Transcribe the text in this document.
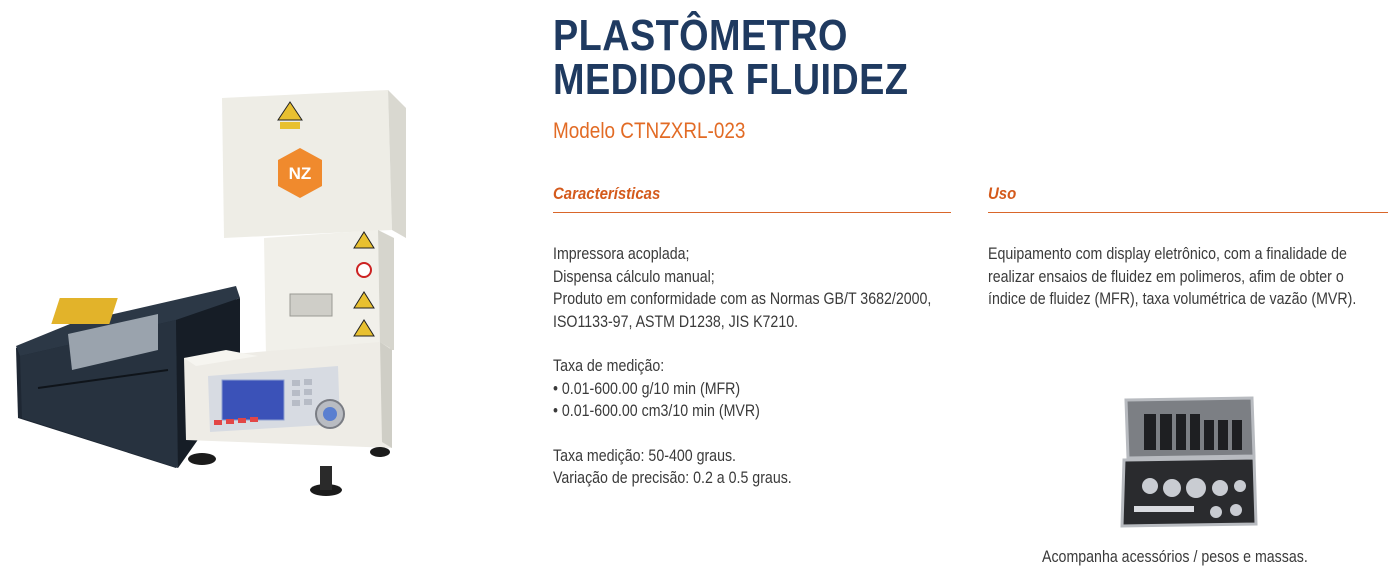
NZ
PLASTÔMETRO
MEDIDOR FLUIDEZ
Modelo CTNZXRL-023
Características

Impressora acoplada;

Dispensa cálculo manual;

Produto em conformidade com as Normas GB/T 3682/2000,

ISO1133-97, ASTM D1238, JIS K7210.

Taxa de medição:

• 0.01-600.00 g/10 min (MFR)

• 0.01-600.00 cm3/10 min (MVR)

Taxa medição: 50-400 graus.

Variação de precisão: 0.2 a 0.5 graus.

Uso

Equipamento com display eletrônico, com a finalidade de

realizar ensaios de fluidez em polimeros, afim de obter o

índice de fluidez (MFR), taxa volumétrica de vazão (MVR).

Acompanha acessórios / pesos e massas.
